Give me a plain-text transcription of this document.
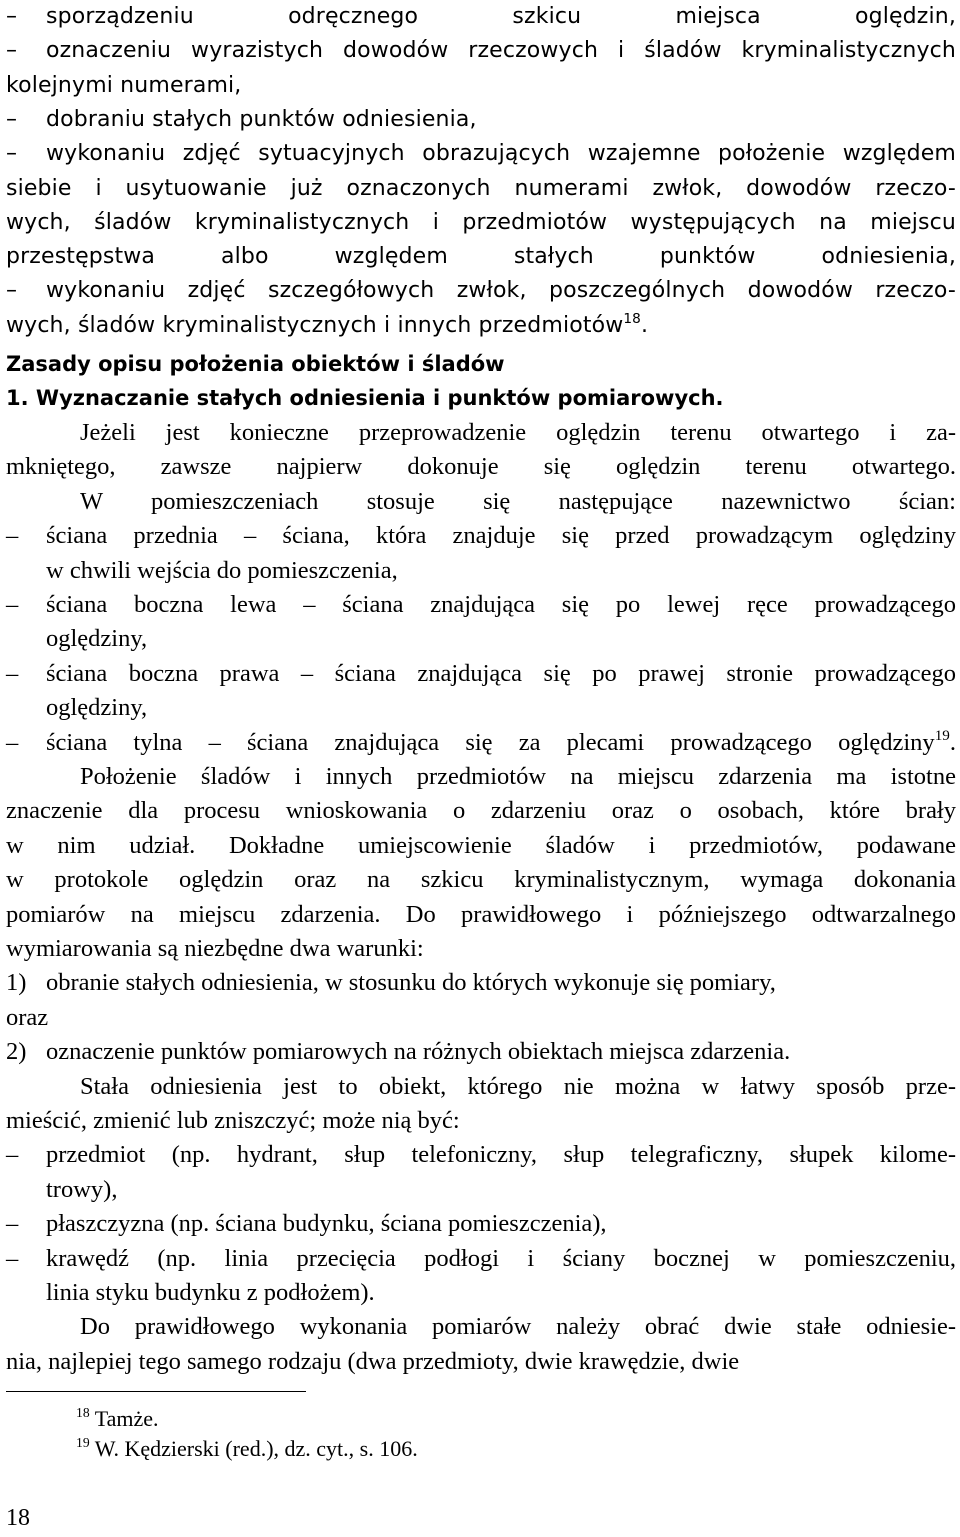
Zasady opisu położenia obiektów i śladów
1. Wyznaczanie stałych odniesienia i punktów pomiarowych.
$^{18}$ Tamże.
$^{19}$ W. Kędzierski (red.), dz. cyt., s. 106.
18
– sporządzeniu odręcznego szkicu miejsca oględzin,
– oznaczeniu wyrazistych dowodów rzeczowych i śladów kryminalistycznych
kolejnymi numerami,
– dobraniu stałych punktów odniesienia,
– wykonaniu zdjęć sytuacyjnych obrazujących wzajemne położenie względem
siebie i usytuowanie już oznaczonych numerami zwłok, dowodów rzeczo-
wych, śladów kryminalistycznych i przedmiotów występujących na miejscu
przestępstwa albo względem stałych punktów odniesienia,
– wykonaniu zdjęć szczegółowych zwłok, poszczególnych dowodów rzeczo-
wych, śladów kryminalistycznych i innych przedmiotów$^{18}$.
Jeżeli jest konieczne przeprowadzenie oględzin terenu otwartego i za-
mkniętego, zawsze najpierw dokonuje się oględzin terenu otwartego.
W pomieszczeniach stosuje się następujące nazewnictwo ścian:
– ściana przednia – ściana, która znajduje się przed prowadzącym oględziny
w chwili wejścia do pomieszczenia,
– ściana boczna lewa – ściana znajdująca się po lewej ręce prowadzącego
oględziny,
– ściana boczna prawa – ściana znajdująca się po prawej stronie prowadzącego
oględziny,
– ściana tylna – ściana znajdująca się za plecami prowadzącego oględziny$^{19}$.
Położenie śladów i innych przedmiotów na miejscu zdarzenia ma istotne
znaczenie dla procesu wnioskowania o zdarzeniu oraz o osobach, które brały
w nim udział. Dokładne umiejscowienie śladów i przedmiotów, podawane
w protokole oględzin oraz na szkicu kryminalistycznym, wymaga dokonania
pomiarów na miejscu zdarzenia. Do prawidłowego i późniejszego odtwarzalnego
wymiarowania są niezbędne dwa warunki:
1) obranie stałych odniesienia, w stosunku do których wykonuje się pomiary,
oraz
2) oznaczenie punktów pomiarowych na różnych obiektach miejsca zdarzenia.
Stała odniesienia jest to obiekt, którego nie można w łatwy sposób prze-
mieścić, zmienić lub zniszczyć; może nią być:
– przedmiot (np. hydrant, słup telefoniczny, słup telegraficzny, słupek kilome-
trowy),
– płaszczyzna (np. ściana budynku, ściana pomieszczenia),
– krawędź (np. linia przecięcia podłogi i ściany bocznej w pomieszczeniu,
linia styku budynku z podłożem).
Do prawidłowego wykonania pomiarów należy obrać dwie stałe odniesie-
nia, najlepiej tego samego rodzaju (dwa przedmioty, dwie krawędzie, dwie
